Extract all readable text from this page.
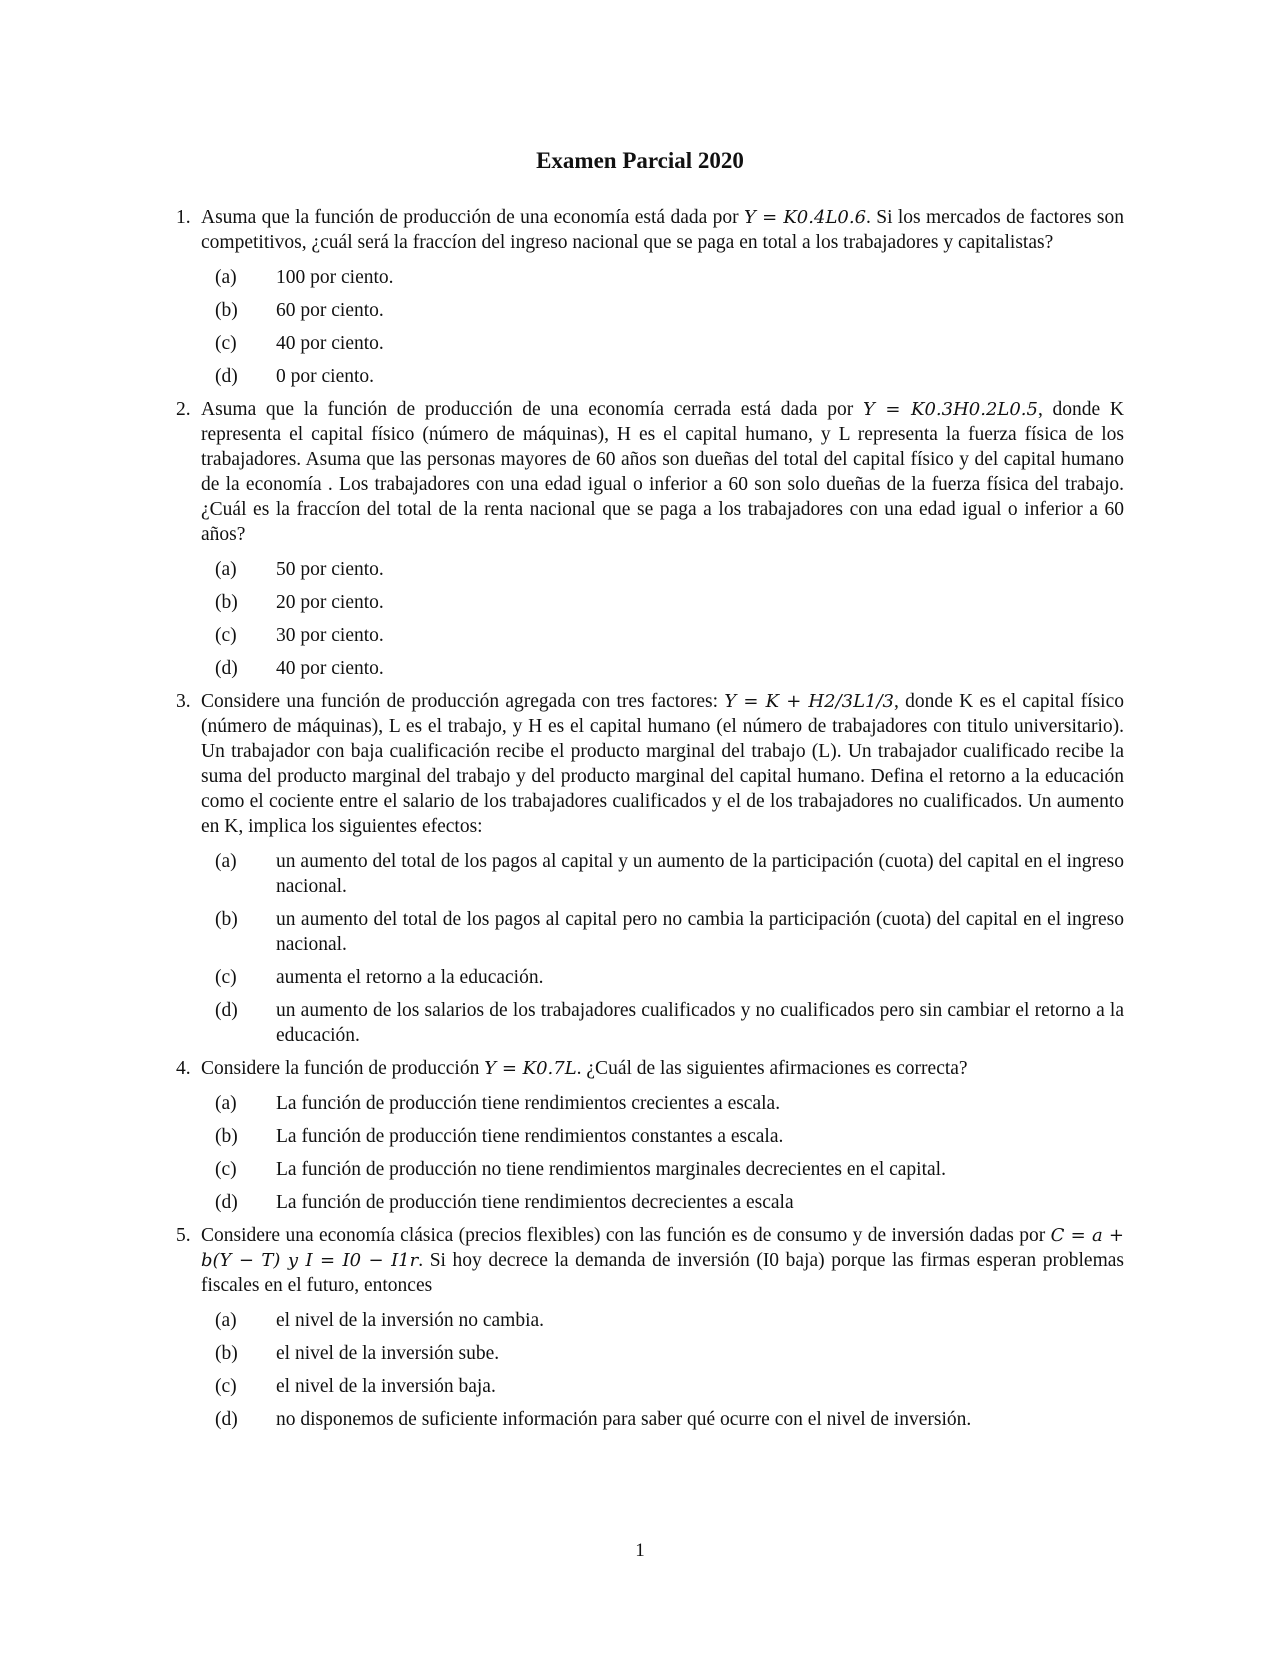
Examen Parcial 2020
1. Asuma que la función de producción de una economía está dada por Y = K0.4L0.6. Si los mercados de factores son competitivos, ¿cuál será la fraccíon del ingreso nacional que se paga en total a los trabajadores y capitalistas?

(a) 100 por ciento.
(b) 60 por ciento.
(c) 40 por ciento.
(d) 0 por ciento.
2. Asuma que la función de producción de una economía cerrada está dada por Y = K0.3H0.2L0.5, donde K representa el capital físico (número de máquinas), H es el capital humano, y L representa la fuerza física de los trabajadores. Asuma que las personas mayores de 60 años son dueñas del total del capital físico y del capital humano de la economía . Los trabajadores con una edad igual o inferior a 60 son solo dueñas de la fuerza física del trabajo. ¿Cuál es la fraccíon del total de la renta nacional que se paga a los trabajadores con una edad igual o inferior a 60 años?

(a) 50 por ciento.
(b) 20 por ciento.
(c) 30 por ciento.
(d) 40 por ciento.
3. Considere una función de producción agregada con tres factores: Y = K + H2/3L1/3, donde K es el capital físico (número de máquinas), L es el trabajo, y H es el capital humano (el número de trabajadores con titulo universitario). Un trabajador con baja cualificación recibe el producto marginal del trabajo (L). Un trabajador cualificado recibe la suma del producto marginal del trabajo y del producto marginal del capital humano. Defina el retorno a la educación como el cociente entre el salario de los trabajadores cualificados y el de los trabajadores no cualificados. Un aumento en K, implica los siguientes efectos:

(a) un aumento del total de los pagos al capital y un aumento de la participación (cuota) del capital en el ingreso nacional.
(b) un aumento del total de los pagos al capital pero no cambia la participación (cuota) del capital en el ingreso nacional.
(c) aumenta el retorno a la educación.
(d) un aumento de los salarios de los trabajadores cualificados y no cualificados pero sin cambiar el retorno a la educación.
4. Considere la función de producción Y = K0.7L. ¿Cuál de las siguientes afirmaciones es correcta?

(a) La función de producción tiene rendimientos crecientes a escala.
(b) La función de producción tiene rendimientos constantes a escala.
(c) La función de producción no tiene rendimientos marginales decrecientes en el capital.
(d) La función de producción tiene rendimientos decrecientes a escala
5. Considere una economía clásica (precios flexibles) con las función es de consumo y de inversión dadas por C = a + b(Y − T) y I = I0 − I1r. Si hoy decrece la demanda de inversión (I0 baja) porque las firmas esperan problemas fiscales en el futuro, entonces

(a) el nivel de la inversión no cambia.
(b) el nivel de la inversión sube.
(c) el nivel de la inversión baja.
(d) no disponemos de suficiente información para saber qué ocurre con el nivel de inversión.
1
